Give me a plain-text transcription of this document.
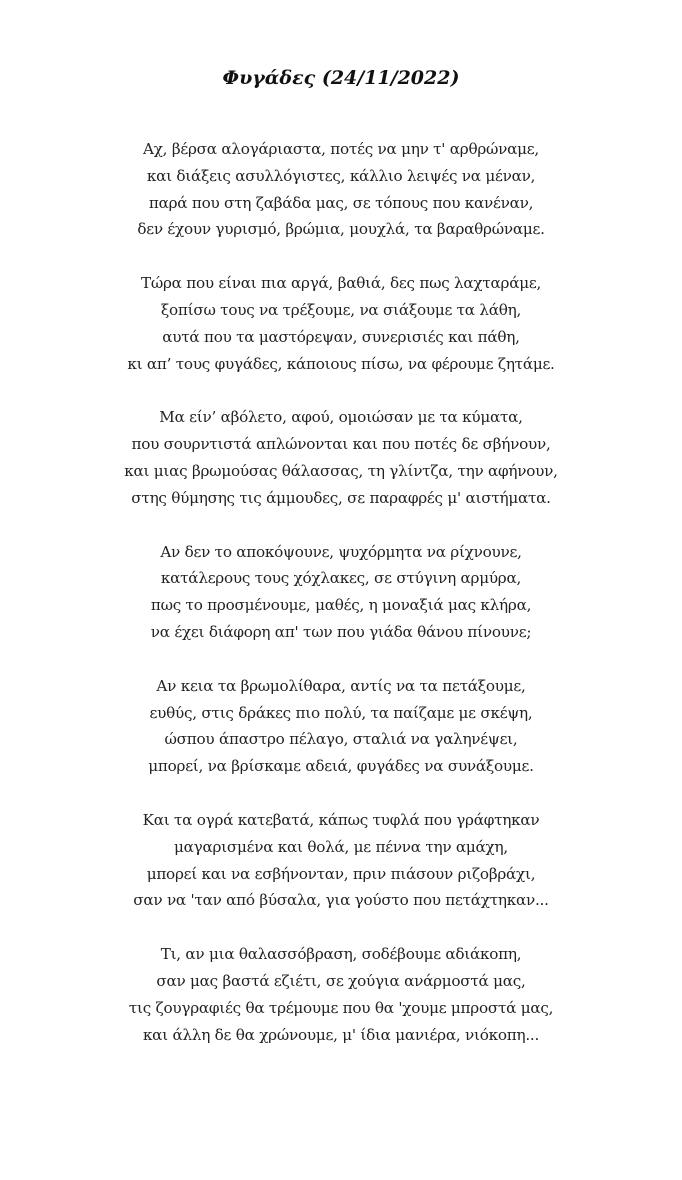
Φυγάδες (24/11/2022)
Αχ, βέρσα αλογάριαστα, ποτές να μην τ' αρθρώναμε,
και διάξεις ασυλλόγιστες, κάλλιο λειψές να μέναν,
παρά που στη ζαβάδα μας, σε τόπους που κανέναν,
δεν έχουν γυρισμό, βρώμια, μουχλά, τα βαραθρώναμε.
Τώρα που είναι πια αργά, βαθιά, δες πως λαχταράμε,
ξοπίσω τους να τρέξουμε, να σιάξουμε τα λάθη,
αυτά που τα μαστόρεψαν, συνερισιές και πάθη,
κι απ’ τους φυγάδες, κάποιους πίσω, να φέρουμε ζητάμε.
Μα είν’ αβόλετο, αφού, ομοιώσαν με τα κύματα,
που σουρντιστά απλώνονται και που ποτές δε σβήνουν,
και μιας βρωμούσας θάλασσας, τη γλίντζα, την αφήνουν,
στης θύμησης τις άμμουδες, σε παραφρές μ' αιστήματα.
Αν δεν το αποκόψουνε, ψυχόρμητα να ρίχνουνε,
κατάλερους τους χόχλακες, σε στύγινη αρμύρα,
πως το προσμένουμε, μαθές, η μοναξιά μας κλήρα,
να έχει διάφορη απ' των που γιάδα θάνου πίνουνε;
Αν κεια τα βρωμολίθαρα, αντίς να τα πετάξουμε,
ευθύς, στις δράκες πιο πολύ, τα παίζαμε με σκέψη,
ώσπου άπαστρο πέλαγο, σταλιά να γαληνέψει,
μπορεί, να βρίσκαμε αδειά, φυγάδες να συνάξουμε.
Και τα ογρά κατεβατά, κάπως τυφλά που γράφτηκαν
μαγαρισμένα και θολά, με πέννα την αμάχη,
μπορεί και να εσβήνονταν, πριν πιάσουν ριζοβράχι,
σαν να 'ταν από βύσαλα, για γούστο που πετάχτηκαν...
Τι, αν μια θαλασσόβραση, σοδέβουμε αδιάκοπη,
σαν μας βαστά εζιέτι, σε χούγια ανάρμοστά μας,
τις ζουγραφιές θα τρέμουμε που θα 'χουμε μπροστά μας,
και άλλη δε θα χρώνουμε, μ' ίδια μανιέρα, νιόκοπη...
